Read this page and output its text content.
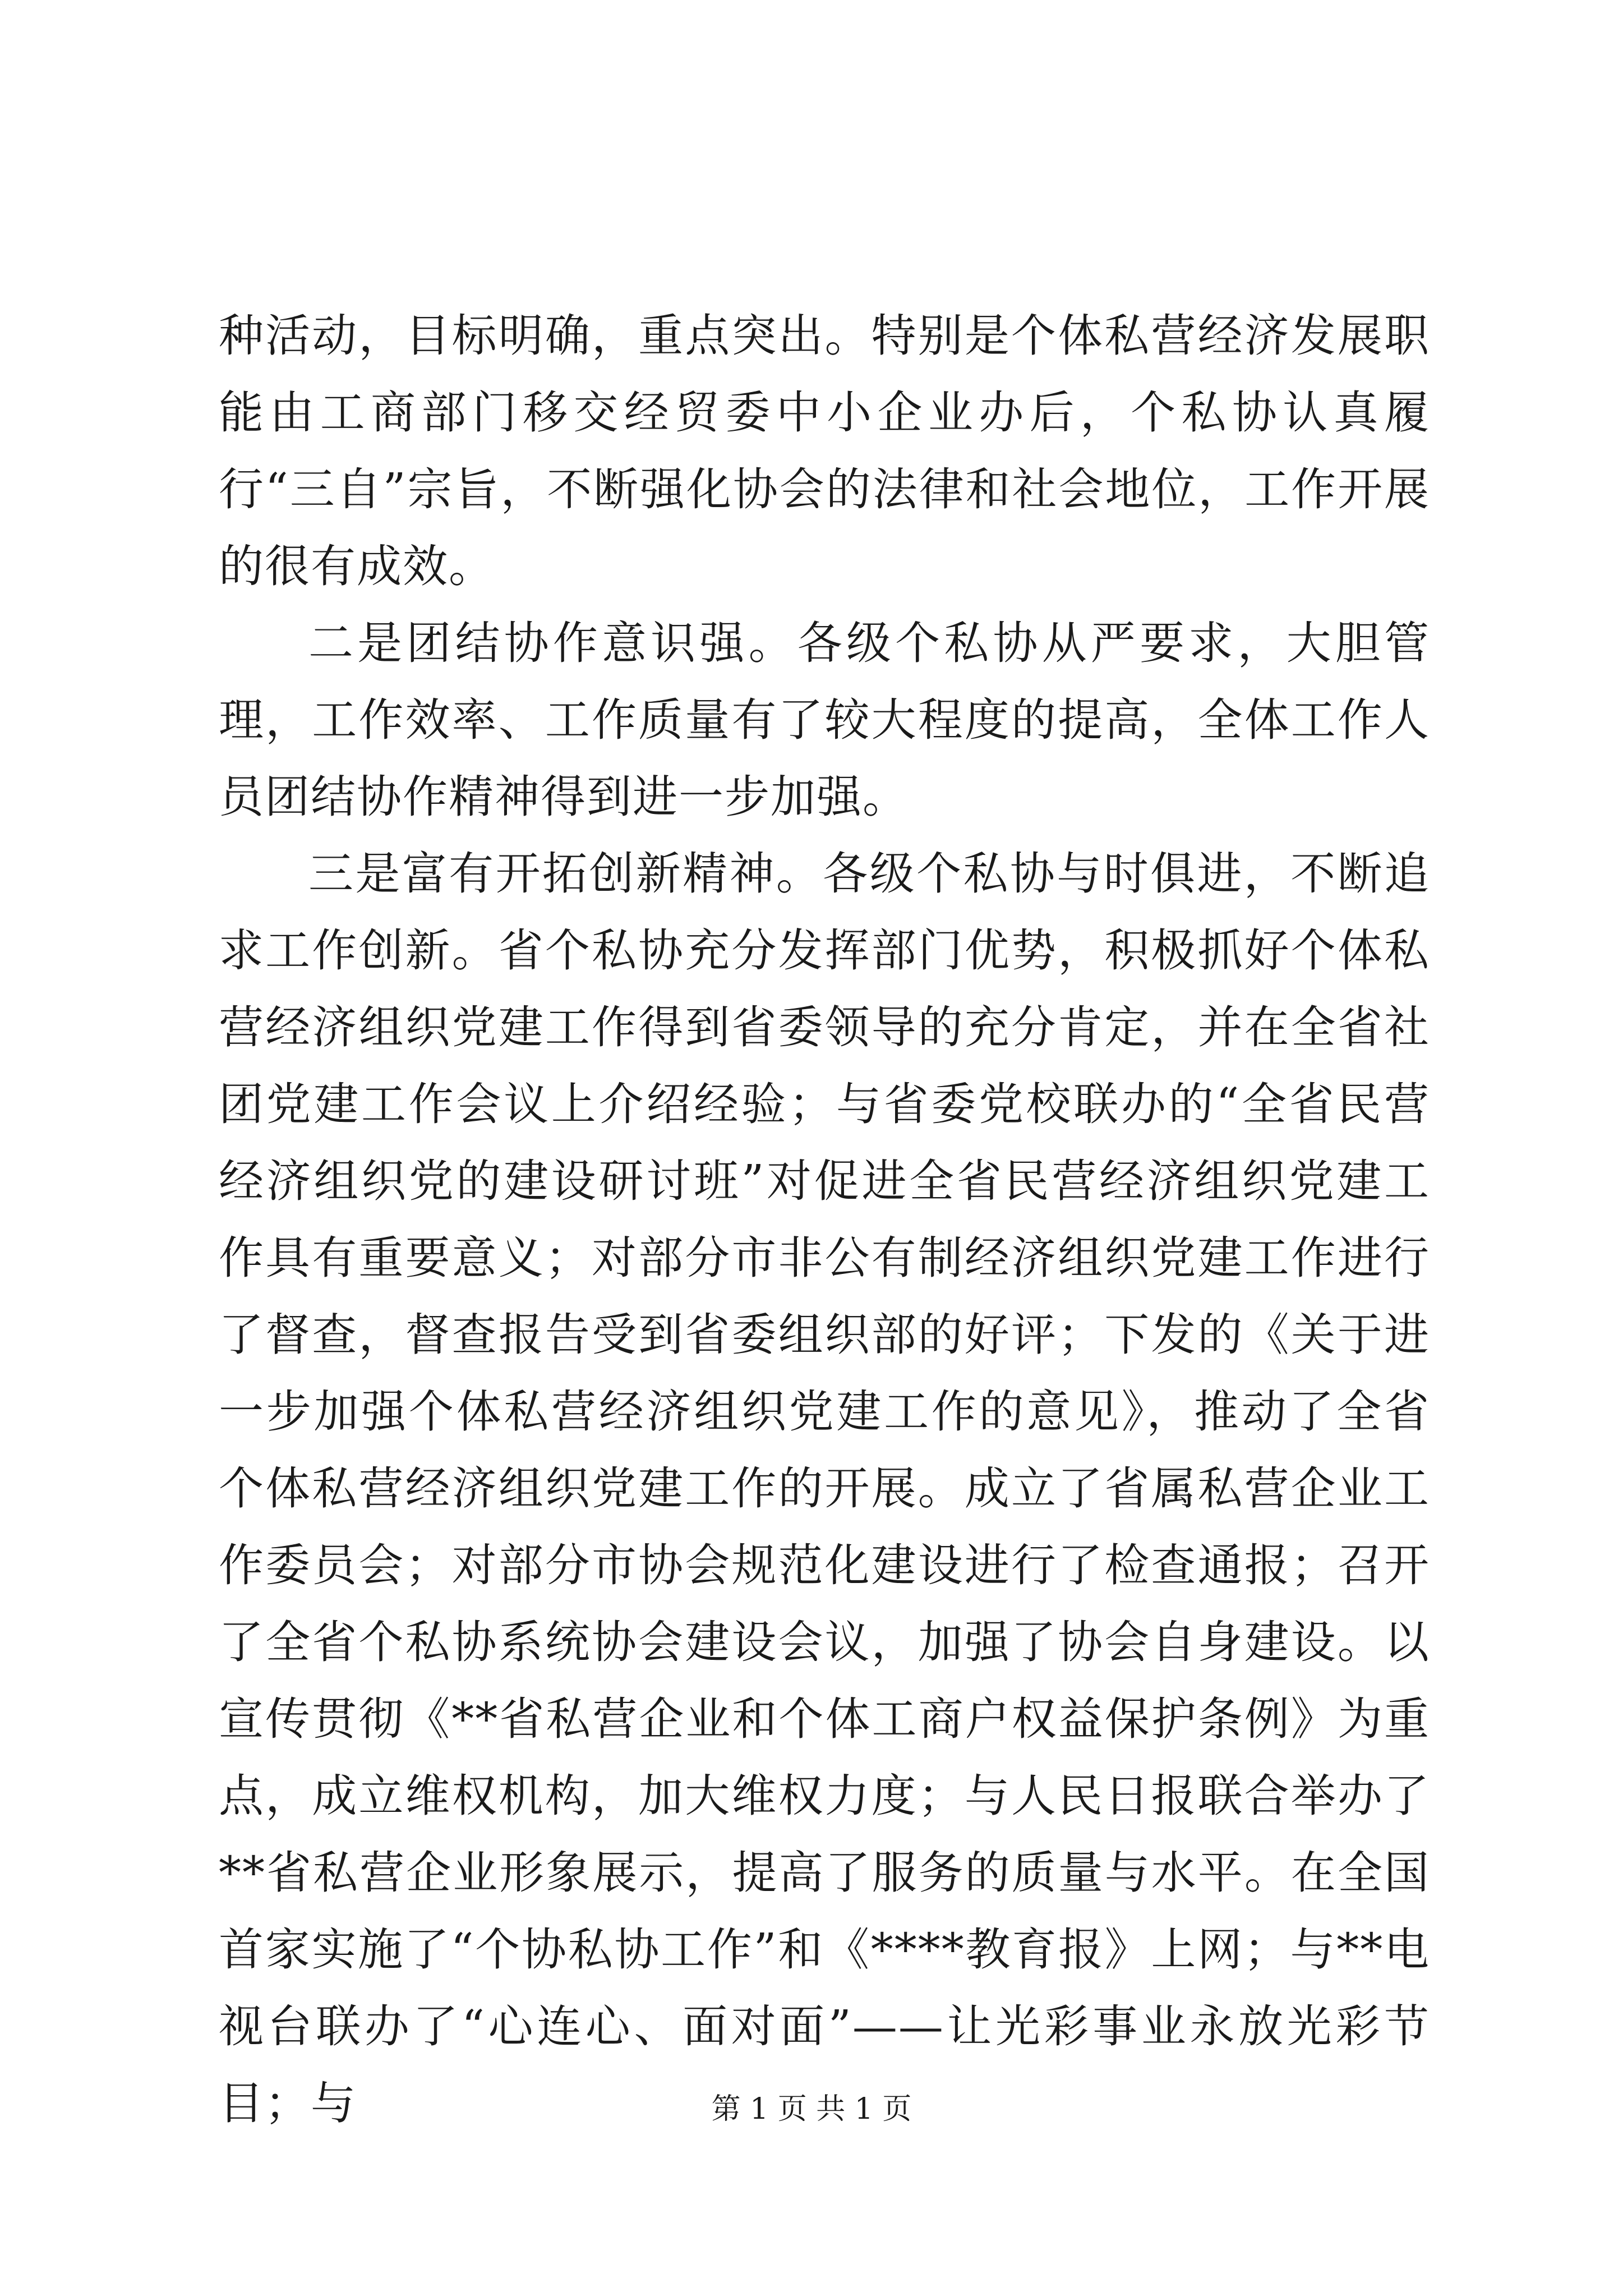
种活动，目标明确，重点突出。特别是个体私营经济发展职能由工商部门移交经贸委中小企业办后，个私协认真履行“三自”宗旨，不断强化协会的法律和社会地位，工作开展的很有成效。

二是团结协作意识强。各级个私协从严要求，大胆管理，工作效率、工作质量有了较大程度的提高，全体工作人员团结协作精神得到进一步加强。

三是富有开拓创新精神。各级个私协与时俱进，不断追求工作创新。省个私协充分发挥部门优势，积极抓好个体私营经济组织党建工作得到省委领导的充分肯定，并在全省社团党建工作会议上介绍经验；与省委党校联办的“全省民营经济组织党的建设研讨班”对促进全省民营经济组织党建工作具有重要意义；对部分市非公有制经济组织党建工作进行了督查，督查报告受到省委组织部的好评；下发的《关于进一步加强个体私营经济组织党建工作的意见》，推动了全省个体私营经济组织党建工作的开展。成立了省属私营企业工作委员会；对部分市协会规范化建设进行了检查通报；召开了全省个私协系统协会建设会议，加强了协会自身建设。以宣传贯彻《**省私营企业和个体工商户权益保护条例》为重点，成立维权机构，加大维权力度；与人民日报联合举办了**省私营企业形象展示，提高了服务的质量与水平。在全国首家实施了“个协私协工作”和《****教育报》上网；与**电视台联办了“心连心、面对面”——让光彩事业永放光彩节目；与	第 1 页 共 1 页
